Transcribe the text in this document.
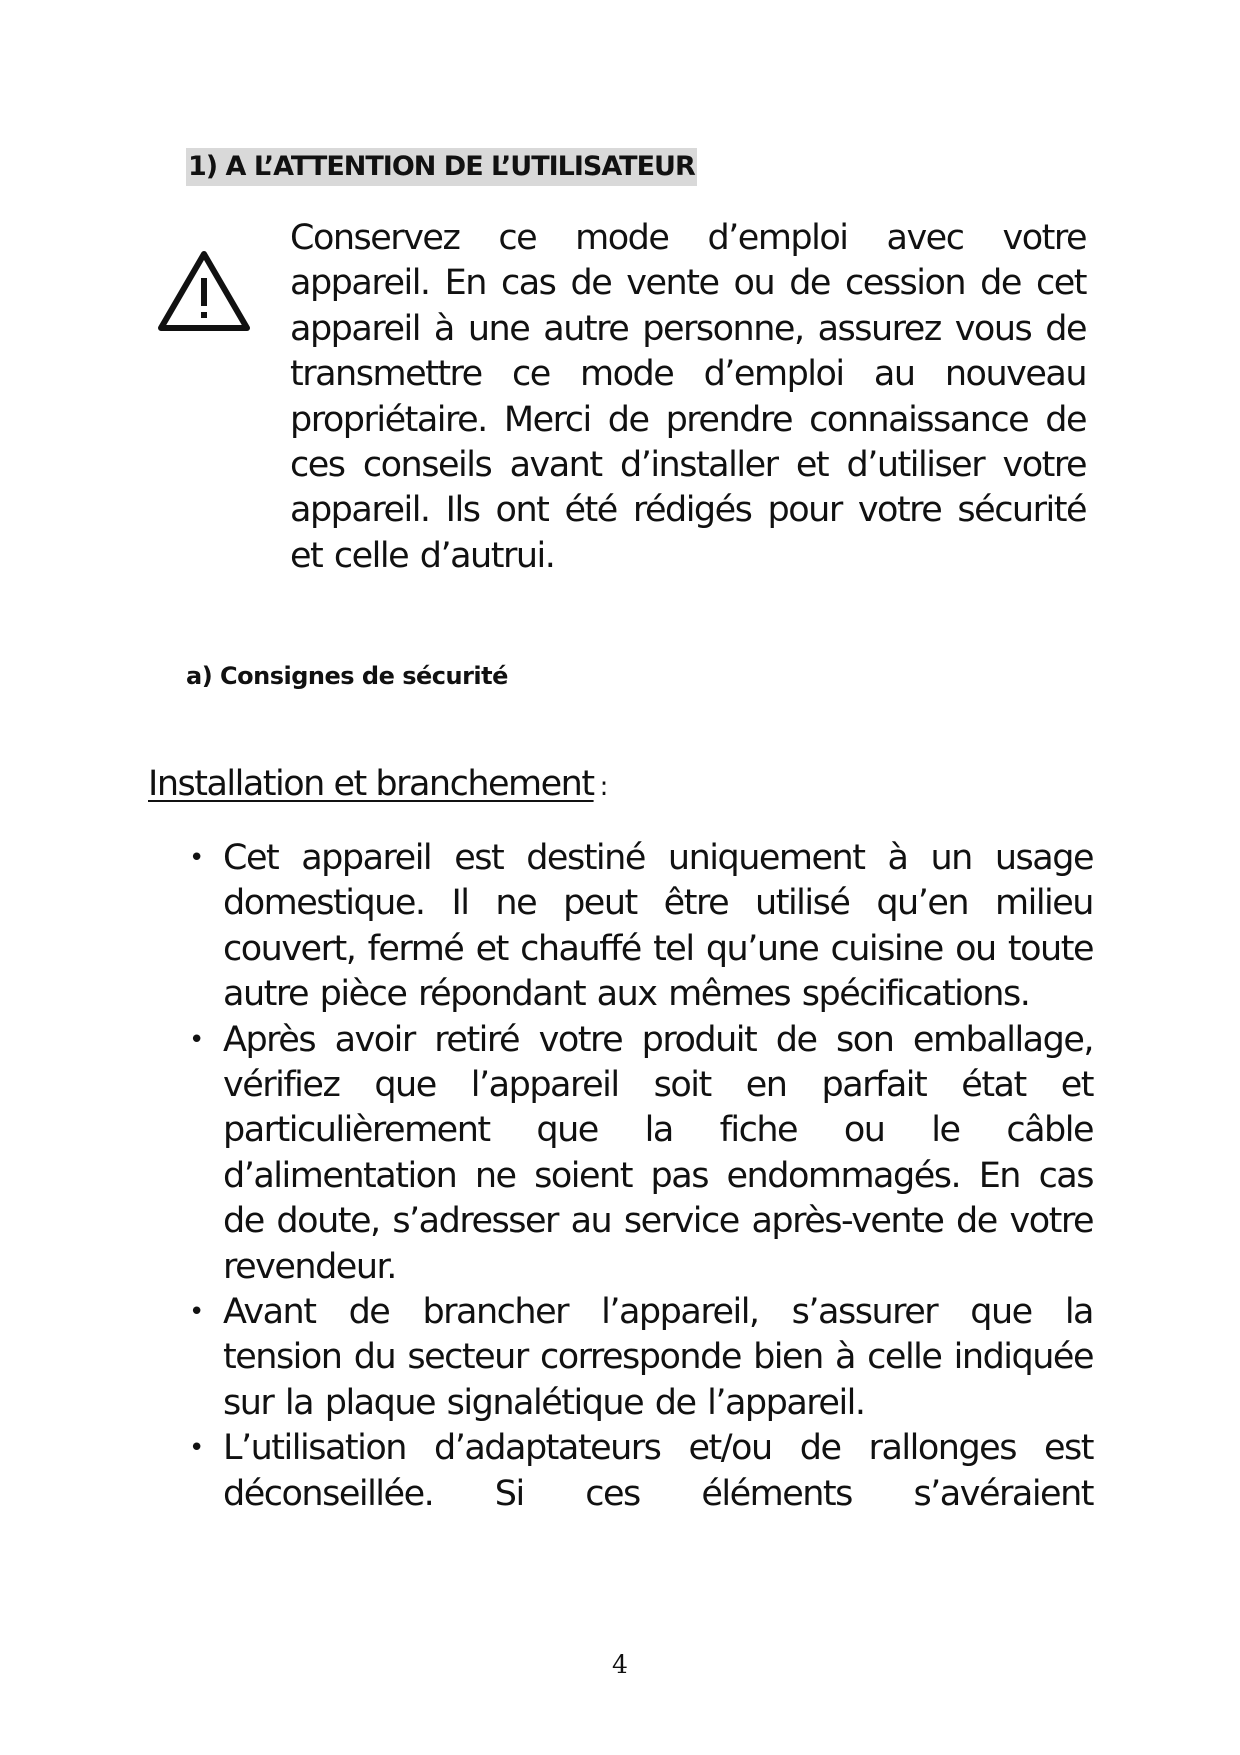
1) A L’ATTENTION DE L’UTILISATEUR

Conservez ce mode d’emploi avec votre appareil. En cas de vente ou de cession de cet appareil à une autre personne, assurez vous de transmettre ce mode d’emploi au nouveau propriétaire. Merci de prendre connaissance de ces conseils avant d’installer et d’utiliser votre appareil. Ils ont été rédigés pour votre sécurité et celle d’autrui.

a) Consignes de sécurité

Installation et branchement :

• Cet appareil est destiné uniquement à un usage domestique. Il ne peut être utilisé qu’en milieu couvert, fermé et chauffé tel qu’une cuisine ou toute autre pièce répondant aux mêmes spécifications.
• Après avoir retiré votre produit de son emballage, vérifiez que l’appareil soit en parfait état et particulièrement que la fiche ou le câble d’alimentation ne soient pas endommagés. En cas de doute, s’adresser au service après-vente de votre revendeur.
• Avant de brancher l’appareil, s’assurer que la tension du secteur corresponde bien à celle indiquée sur la plaque signalétique de l’appareil.
• L’utilisation d’adaptateurs et/ou de rallonges est déconseillée. Si ces éléments s’avéraient

4
